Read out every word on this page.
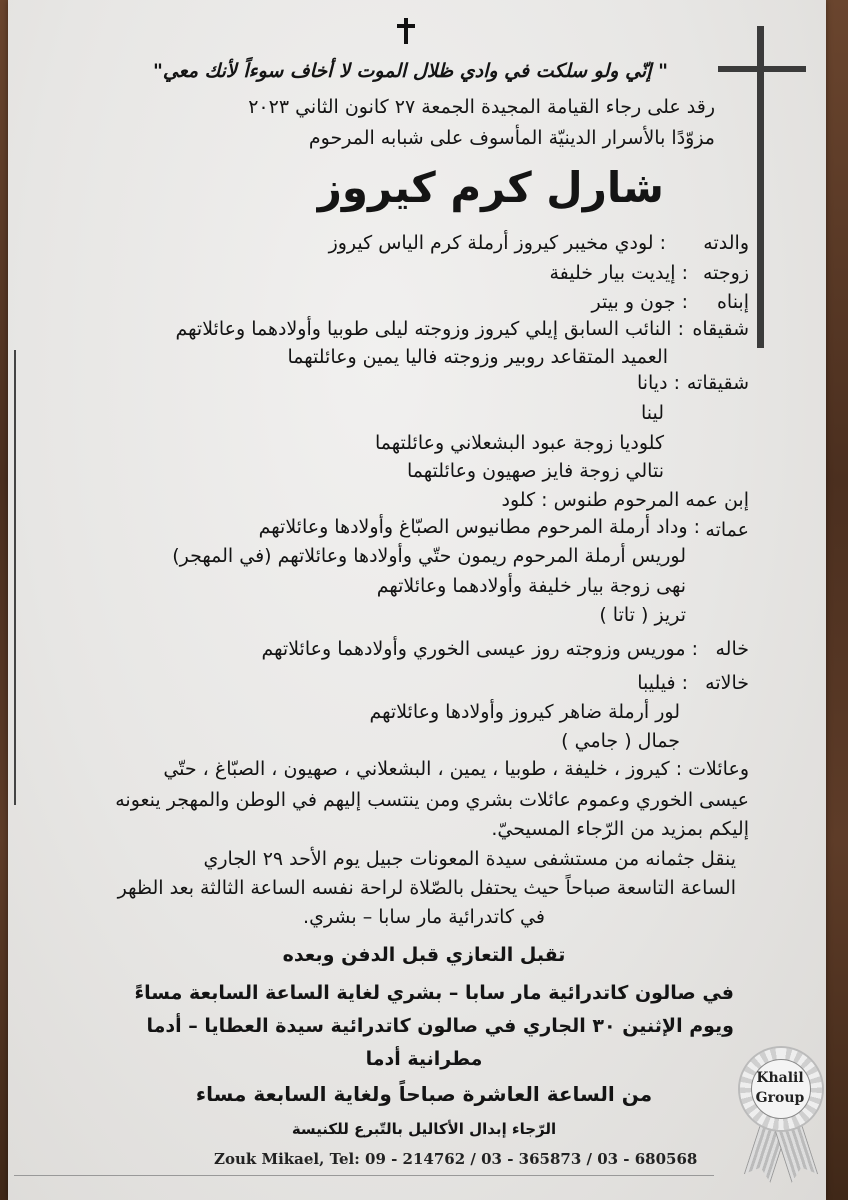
" إنّي ولو سلكت في وادي ظلال الموت لا أخاف سوءاً لأنك معي"
رقد على رجاء القيامة المجيدة الجمعة ٢٧ كانون الثاني ٢٠٢٣
مزوّدًا بالأسرار الدينيّة المأسوف على شبابه المرحوم
شارل كرم كيروز
والدته
: لودي مخيبر كيروز أرملة كرم الياس كيروز
زوجته
: إيديت بيار خليفة
إبناه
: جون و بيتر
شقيقاه
: النائب السابق إيلي كيروز وزوجته ليلى طوبيا وأولادهما وعائلاتهم
العميد المتقاعد روبير وزوجته فاليا يمين وعائلتهما
شقيقاته
: ديانا
لينا
كلوديا زوجة عبود البشعلاني وعائلتهما
نتالي زوجة فايز صهيون وعائلتهما
إبن عمه المرحوم طنوس : كلود
عماته
: وداد أرملة المرحوم مطانيوس الصبّاغ وأولادها وعائلاتهم
لوريس أرملة المرحوم ريمون حتّي وأولادها وعائلاتهم (في المهجر)
نهى زوجة بيار خليفة وأولادهما وعائلاتهم
تريز ( تاتا )
خاله
: موريس وزوجته روز عيسى الخوري وأولادهما وعائلاتهم
خالاته
: فيليبا
لور أرملة ضاهر كيروز وأولادها وعائلاتهم
جمال ( جامي )
وعائلات : كيروز ، خليفة ، طوبيا ، يمين ، البشعلاني ، صهيون ، الصبّاغ ، حتّي
عيسى الخوري وعموم عائلات بشري ومن ينتسب إليهم في الوطن والمهجر ينعونه
إليكم بمزيد من الرّجاء المسيحيّ.
ينقل جثمانه من مستشفى سيدة المعونات جبيل يوم الأحد ٢٩ الجاري
الساعة التاسعة صباحاً حيث يحتفل بالصّلاة لراحة نفسه الساعة الثالثة بعد الظهر
في كاتدرائية مار سابا – بشري.
تقبل التعازي قبل الدفن وبعده
في صالون كاتدرائية مار سابا – بشري لغاية الساعة السابعة مساءً
ويوم الإثنين ٣٠ الجاري في صالون كاتدرائية سيدة العطايا – أدما
مطرانية أدما
من الساعة العاشرة صباحاً ولغاية السابعة مساء
الرّجاء إبدال الأكاليل بالتّبرع للكنيسة
Zouk Mikael, Tel: 09 - 214762 / 03 - 365873 / 03 - 680568
Khalil
Group
